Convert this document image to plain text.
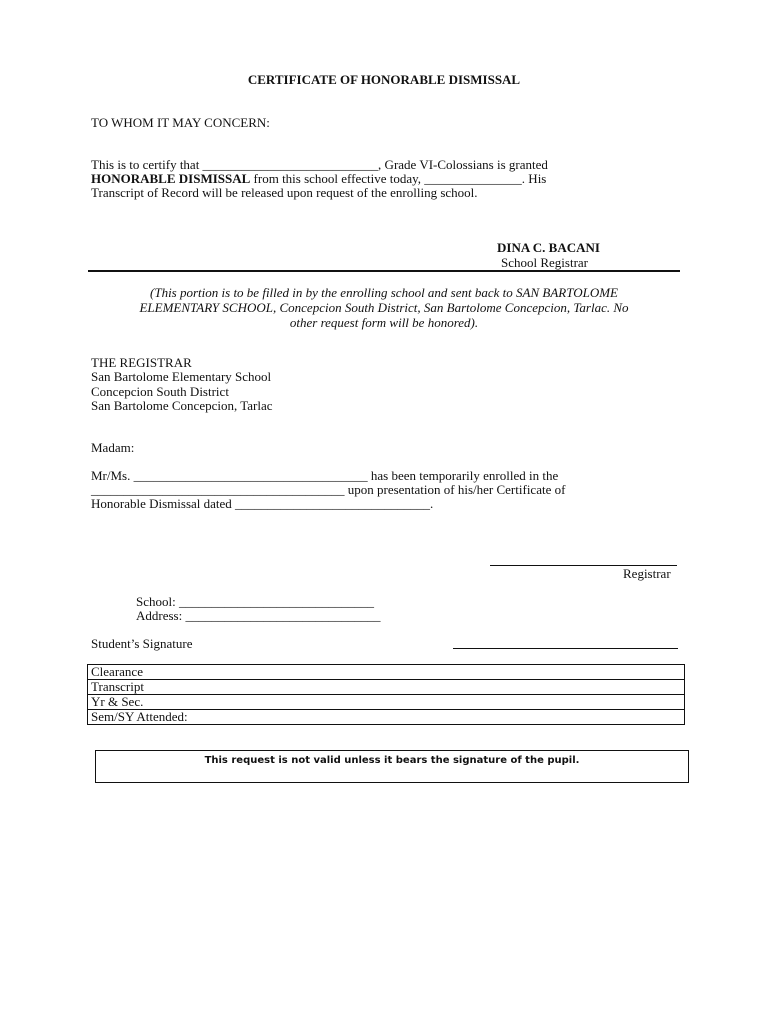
CERTIFICATE OF HONORABLE DISMISSAL
TO WHOM IT MAY CONCERN:
This is to certify that ___________________________, Grade VI-Colossians is granted
HONORABLE DISMISSAL from this school effective today, _______________. His
Transcript of Record will be released upon request of the enrolling school.
DINA C. BACANI
School Registrar
(This portion is to be filled in by the enrolling school and sent back to SAN BARTOLOME
ELEMENTARY SCHOOL, Concepcion South District, San Bartolome Concepcion, Tarlac. No
other request form will be honored).
THE REGISTRAR
San Bartolome Elementary School
Concepcion South District
San Bartolome Concepcion, Tarlac
Madam:
Mr/Ms. ____________________________________ has been temporarily enrolled in the
_______________________________________ upon presentation of his/her Certificate of
Honorable Dismissal dated ______________________________.
Registrar
School: ______________________________
Address: ______________________________
Student’s Signature
Clearance
Transcript
Yr & Sec.
Sem/SY Attended:
This request is not valid unless it bears the signature of the pupil.
